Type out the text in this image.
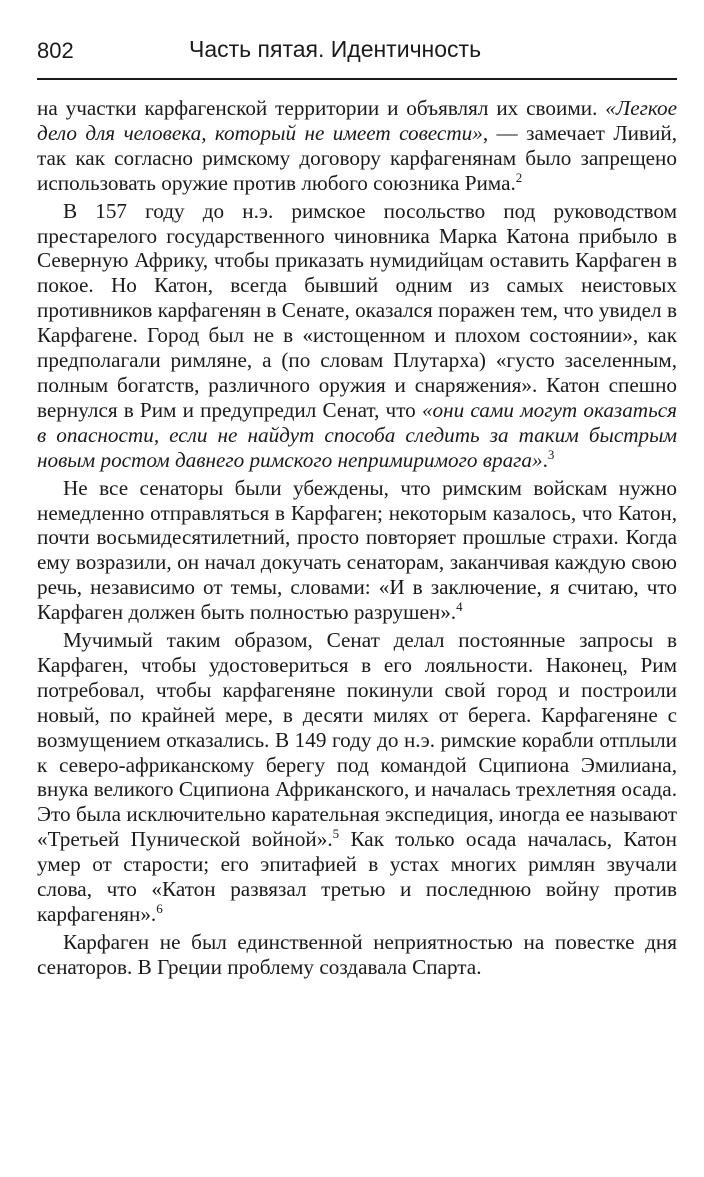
802	Часть пятая. Идентичность

на участки карфагенской территории и объявлял их своими. «Легкое дело для человека, который не имеет совести», — замечает Ливий, так как согласно римскому договору карфагенянам было запрещено использовать оружие против любого союзника Рима.$^2$

В 157 году до н.э. римское посольство под руководством престарелого государственного чиновника Марка Катона прибыло в Северную Африку, чтобы приказать нумидийцам оставить Карфаген в покое. Но Катон, всегда бывший одним из самых неистовых противников карфагенян в Сенате, оказался поражен тем, что увидел в Карфагене. Город был не в «истощенном и плохом состоянии», как предполагали римляне, а (по словам Плутарха) «густо заселенным, полным богатств, различного оружия и снаряжения». Катон спешно вернулся в Рим и предупредил Сенат, что «они сами могут оказаться в опасности, если не найдут способа следить за таким быстрым новым ростом давнего римского непримиримого врага».$^3$

Не все сенаторы были убеждены, что римским войскам нужно немедленно отправляться в Карфаген; некоторым казалось, что Катон, почти восьмидесятилетний, просто повторяет прошлые страхи. Когда ему возразили, он начал докучать сенаторам, заканчивая каждую свою речь, независимо от темы, словами: «И в заключение, я считаю, что Карфаген должен быть полностью разрушен».$^4$

Мучимый таким образом, Сенат делал постоянные запросы в Карфаген, чтобы удостовериться в его лояльности. Наконец, Рим потребовал, чтобы карфагеняне покинули свой город и построили новый, по крайней мере, в десяти милях от берега. Карфагеняне с возмущением отказались. В 149 году до н.э. римские корабли отплыли к северо-африканскому берегу под командой Сципиона Эмилиана, внука великого Сципиона Африканского, и началась трехлетняя осада. Это была исключительно карательная экспедиция, иногда ее называют «Третьей Пунической войной».$^5$ Как только осада началась, Катон умер от старости; его эпитафией в устах многих римлян звучали слова, что «Катон развязал третью и последнюю войну против карфагенян».$^6$

Карфаген не был единственной неприятностью на повестке дня сенаторов. В Греции проблему создавала Спарта.
